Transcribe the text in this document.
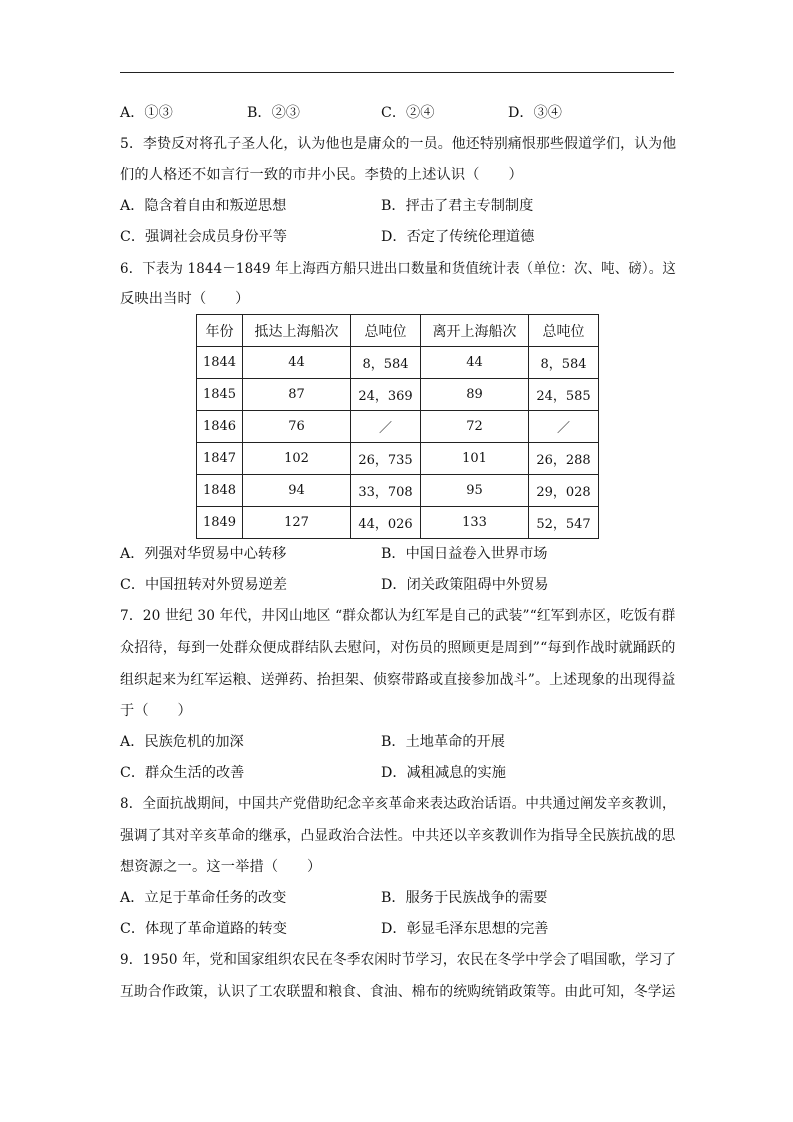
A．①③	B．②③	C．②④	D．③④
5．李贽反对将孔子圣人化，认为他也是庸众的一员。他还特别痛恨那些假道学们，认为他
们的人格还不如言行一致的市井小民。李贽的上述认识（　　）
A．隐含着自由和叛逆思想	B．抨击了君主专制制度
C．强调社会成员身份平等	D．否定了传统伦理道德
6．下表为 1844－1849 年上海西方船只进出口数量和货值统计表（单位：次、吨、磅）。这
反映出当时（　　）
年份	抵达上海船次	总吨位	离开上海船次	总吨位
1844	44	8，584	44	8，584
1845	87	24，369	89	24，585
1846	76	／	72	／
1847	102	26，735	101	26，288
1848	94	33，708	95	29，028
1849	127	44，026	133	52，547
A．列强对华贸易中心转移	B．中国日益卷入世界市场
C．中国扭转对外贸易逆差	D．闭关政策阻碍中外贸易
7．20 世纪 30 年代，井冈山地区 “群众都认为红军是自己的武装”“红军到赤区，吃饭有群
众招待，每到一处群众便成群结队去慰问，对伤员的照顾更是周到”“每到作战时就踊跃的
组织起来为红军运粮、送弹药、抬担架、侦察带路或直接参加战斗”。上述现象的出现得益
于（　　）
A．民族危机的加深	B．土地革命的开展
C．群众生活的改善	D．减租减息的实施
8．全面抗战期间，中国共产党借助纪念辛亥革命来表达政治话语。中共通过阐发辛亥教训，
强调了其对辛亥革命的继承，凸显政治合法性。中共还以辛亥教训作为指导全民族抗战的思
想资源之一。这一举措（　　）
A．立足于革命任务的改变	B．服务于民族战争的需要
C．体现了革命道路的转变	D．彰显毛泽东思想的完善
9．1950 年，党和国家组织农民在冬季农闲时节学习，农民在冬学中学会了唱国歌，学习了
互助合作政策，认识了工农联盟和粮食、食油、棉布的统购统销政策等。由此可知，冬学运
